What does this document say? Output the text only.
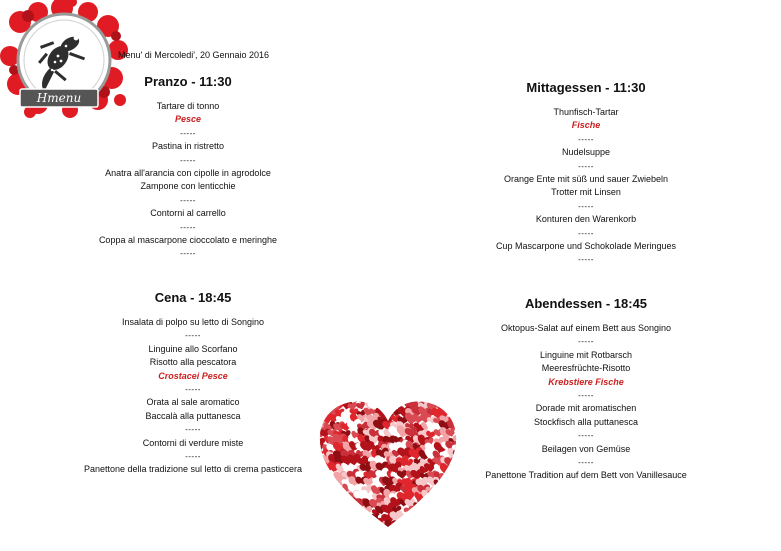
Hmenu
Menu' di Mercoledi', 20 Gennaio 2016
Pranzo - 11:30
Tartare di tonno
Pesce
-----
Pastina in ristretto
-----
Anatra all'arancia con cipolle in agrodolce
Zampone con lenticchie
-----
Contorni al carrello
-----
Coppa al mascarpone cioccolato e meringhe
-----
Mittagessen - 11:30
Thunfisch-Tartar
Fische
-----
Nudelsuppe
-----
Orange Ente mit süß und sauer Zwiebeln
Trotter mit Linsen
-----
Konturen den Warenkorb
-----
Cup Mascarpone und Schokolade Meringues
-----
Cena - 18:45
Insalata di polpo su letto di Songino
-----
Linguine allo Scorfano
Risotto alla pescatora
Crostacei Pesce
-----
Orata al sale aromatico
Baccalà alla puttanesca
-----
Contorni di verdure miste
-----
Panettone della tradizione sul letto di crema pasticcera
Abendessen - 18:45
Oktopus-Salat auf einem Bett aus Songino
-----
Linguine mit Rotbarsch
Meeresfrüchte-Risotto
Krebstiere Fische
-----
Dorade mit aromatischen
Stockfisch alla puttanesca
-----
Beilagen von Gemüse
-----
Panettone Tradition auf dem Bett von Vanillesauce
